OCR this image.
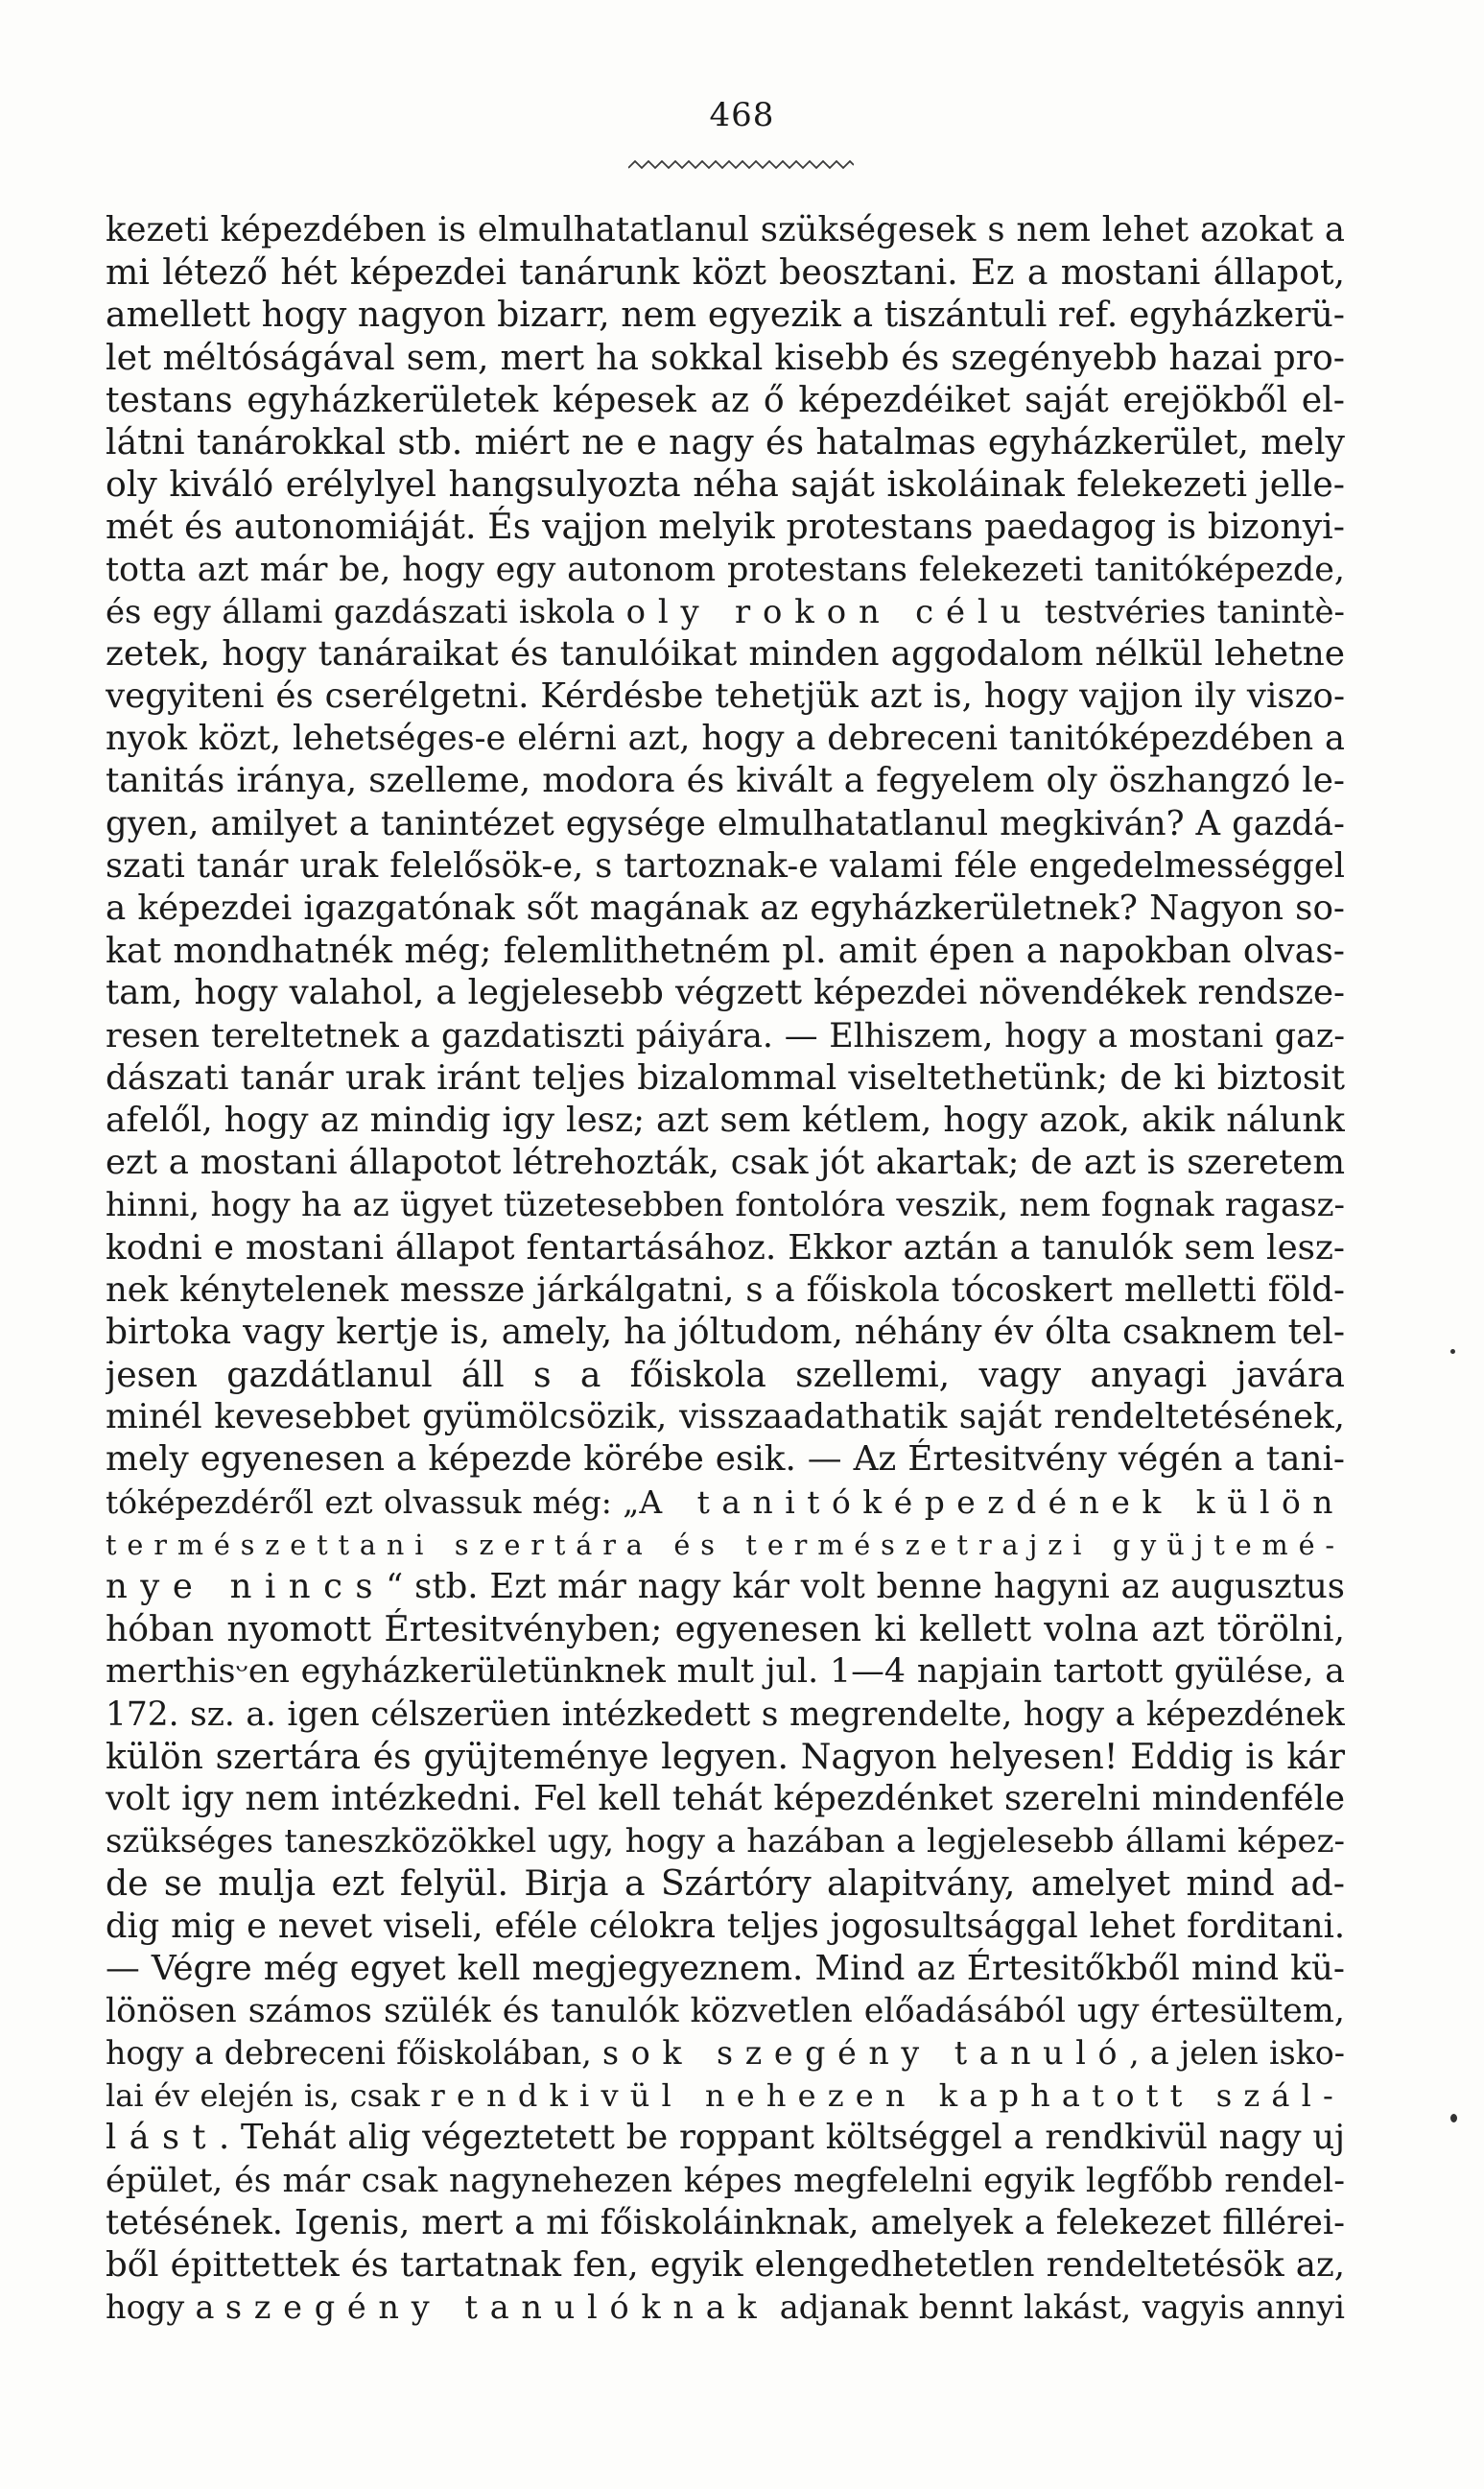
468
kezeti képezdében is elmulhatatlanul szükségesek s nem lehet azokat a
mi létező hét képezdei tanárunk közt beosztani. Ez a mostani állapot,
amellett hogy nagyon bizarr, nem egyezik a tiszántuli ref. egyházkerü-
let méltóságával sem, mert ha sokkal kisebb és szegényebb hazai pro-
testans egyházkerületek képesek az ő képezdéiket saját erejökből el-
látni tanárokkal stb. miért ne e nagy és hatalmas egyházkerület, mely
oly kiváló erélylyel hangsulyozta néha saját iskoláinak felekezeti jelle-
mét és autonomiáját. És vajjon melyik protestans paedagog is bizonyi-
totta azt már be, hogy egy autonom protestans felekezeti tanitóképezde,
és egy állami gazdászati iskola oly rokon célu testvéries tanintè-
zetek, hogy tanáraikat és tanulóikat minden aggodalom nélkül lehetne
vegyiteni és cserélgetni. Kérdésbe tehetjük azt is, hogy vajjon ily viszo-
nyok közt, lehetséges-e elérni azt, hogy a debreceni tanitóképezdében a
tanitás iránya, szelleme, modora és kivált a fegyelem oly öszhangzó le-
gyen, amilyet a tanintézet egysége elmulhatatlanul megkiván? A gazdá-
szati tanár urak felelősök-e, s tartoznak-e valami féle engedelmességgel
a képezdei igazgatónak sőt magának az egyházkerületnek? Nagyon so-
kat mondhatnék még; felemlithetném pl. amit épen a napokban olvas-
tam, hogy valahol, a legjelesebb végzett képezdei növendékek rendsze-
resen tereltetnek a gazdatiszti páiyára. — Elhiszem, hogy a mostani gaz-
dászati tanár urak iránt teljes bizalommal viseltethetünk; de ki biztosit
afelől, hogy az mindig igy lesz; azt sem kétlem, hogy azok, akik nálunk
ezt a mostani állapotot létrehozták, csak jót akartak; de azt is szeretem
hinni, hogy ha az ügyet tüzetesebben fontolóra veszik, nem fognak ragasz-
kodni e mostani állapot fentartásához. Ekkor aztán a tanulók sem lesz-
nek kénytelenek messze járkálgatni, s a főiskola tócoskert melletti föld-
birtoka vagy kertje is, amely, ha jóltudom, néhány év ólta csaknem tel-
jesen gazdátlanul áll s a főiskola szellemi, vagy anyagi javára
minél kevesebbet gyümölcsözik, visszaadathatik saját rendeltetésének,
mely egyenesen a képezde körébe esik. — Az Értesitvény végén a tani-
tóképezdéről ezt olvassuk még: „A tanitóképezdének külön
természettani szertára és természetrajzi gyüjtemé-
nye nincs“ stb. Ezt már nagy kár volt benne hagyni az augusztus
hóban nyomott Értesitvényben; egyenesen ki kellett volna azt törölni,
merthisᵕen egyházkerületünknek mult jul. 1—4 napjain tartott gyülése, a
172. sz. a. igen célszerüen intézkedett s megrendelte, hogy a képezdének
külön szertára és gyüjteménye legyen. Nagyon helyesen! Eddig is kár
volt igy nem intézkedni. Fel kell tehát képezdénket szerelni mindenféle
szükséges taneszközökkel ugy, hogy a hazában a legjelesebb állami képez-
de se mulja ezt felyül. Birja a Szártóry alapitvány, amelyet mind ad-
dig mig e nevet viseli, eféle célokra teljes jogosultsággal lehet forditani.
— Végre még egyet kell megjegyeznem. Mind az Értesitőkből mind kü-
lönösen számos szülék és tanulók közvetlen előadásából ugy értesültem,
hogy a debreceni főiskolában, sok szegény tanuló, a jelen isko-
lai év elején is, csak rendkivül nehezen kaphatott szál-
lást. Tehát alig végeztetett be roppant költséggel a rendkivül nagy uj
épület, és már csak nagynehezen képes megfelelni egyik legfőbb rendel-
tetésének. Igenis, mert a mi főiskoláinknak, amelyek a felekezet fillérei-
ből épittettek és tartatnak fen, egyik elengedhetetlen rendeltetésök az,
hogy a szegény tanulóknak adjanak bennt lakást, vagyis annyi
